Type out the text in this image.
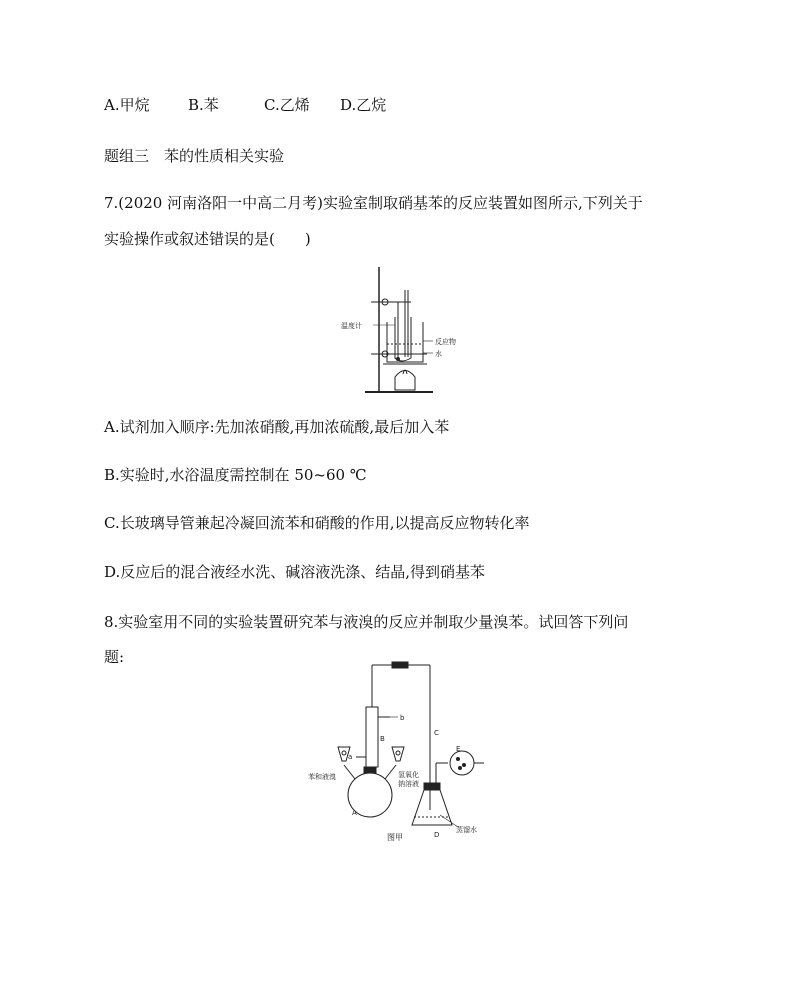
A.甲烷	B.苯	C.乙烯 D.乙烷
题组三　苯的性质相关实验
7.(2020 河南洛阳一中高二月考)实验室制取硝基苯的反应装置如图所示,下列关于
实验操作或叙述错误的是(　　)
温度计
反应物
水
A.试剂加入顺序:先加浓硝酸,再加浓硫酸,最后加入苯
B.实验时,水浴温度需控制在 50~60 ℃
C.长玻璃导管兼起冷凝回流苯和硝酸的作用,以提高反应物转化率
D.反应后的混合液经水洗、碱溶液洗涤、结晶,得到硝基苯
8.实验室用不同的实验装置研究苯与液溴的反应并制取少量溴苯。试回答下列问
题:
a
b
B
C
A
D
E
苯和液溴	氢氧化
钠溶液
蒸馏水
图甲
